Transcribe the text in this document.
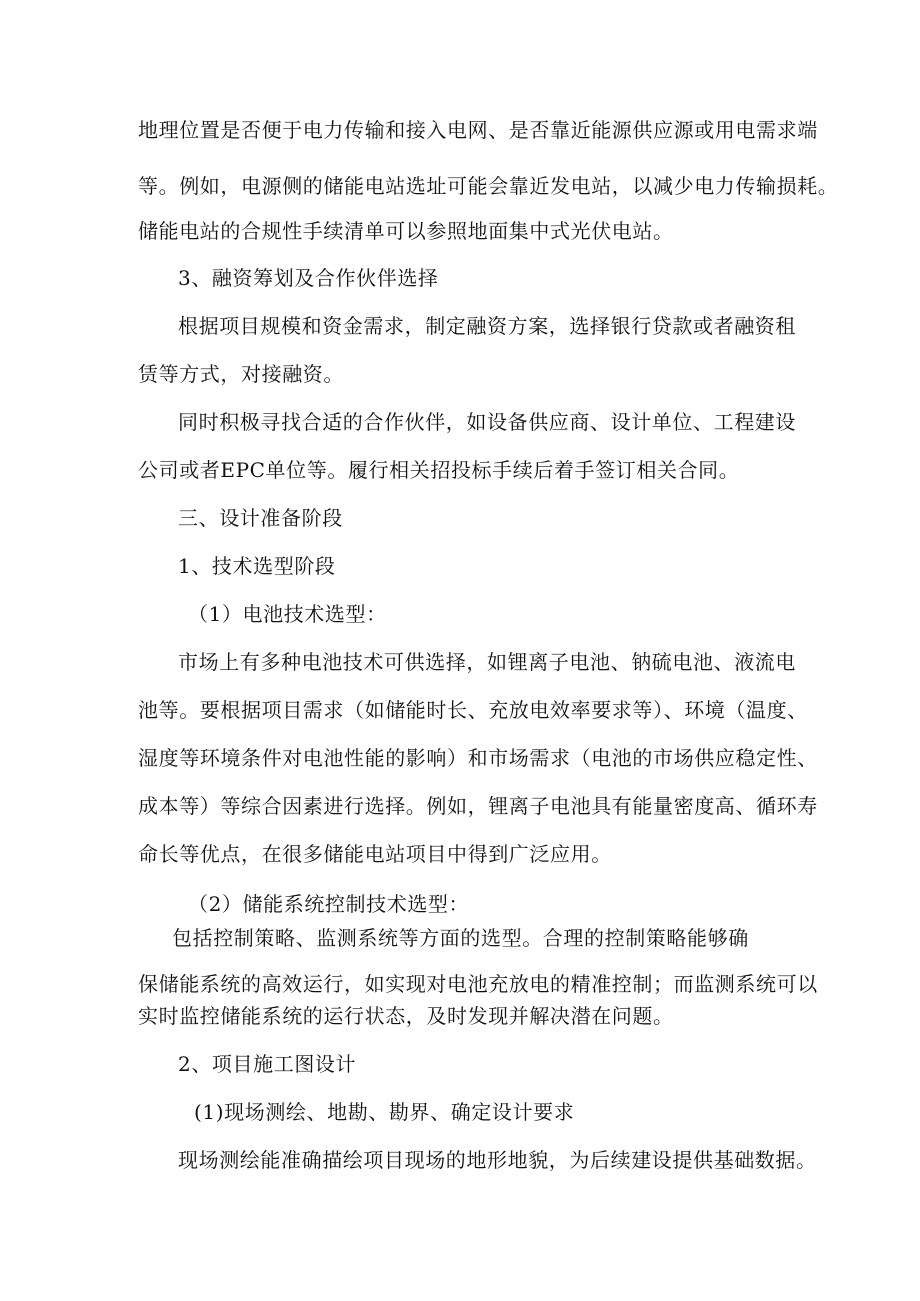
地理位置是否便于电力传输和接入电网、是否靠近能源供应源或用电需求端
等。例如，电源侧的储能电站选址可能会靠近发电站，以减少电力传输损耗。
储能电站的合规性手续清单可以参照地面集中式光伏电站。
3、融资筹划及合作伙伴选择
根据项目规模和资金需求，制定融资方案，选择银行贷款或者融资租
赁等方式，对接融资。
同时积极寻找合适的合作伙伴，如设备供应商、设计单位、工程建设
公司或者EPC单位等。履行相关招投标手续后着手签订相关合同。
三、设计准备阶段
1、技术选型阶段
（1）电池技术选型：
市场上有多种电池技术可供选择，如锂离子电池、钠硫电池、液流电
池等。要根据项目需求（如储能时长、充放电效率要求等）、环境（温度、
湿度等环境条件对电池性能的影响）和市场需求（电池的市场供应稳定性、
成本等）等综合因素进行选择。例如，锂离子电池具有能量密度高、循环寿
命长等优点，在很多储能电站项目中得到广泛应用。
（2）储能系统控制技术选型：
包括控制策略、监测系统等方面的选型。合理的控制策略能够确
保储能系统的高效运行，如实现对电池充放电的精准控制；而监测系统可以
实时监控储能系统的运行状态，及时发现并解决潜在问题。
2、项目施工图设计
(1)现场测绘、地勘、勘界、确定设计要求
现场测绘能准确描绘项目现场的地形地貌，为后续建设提供基础数据。
